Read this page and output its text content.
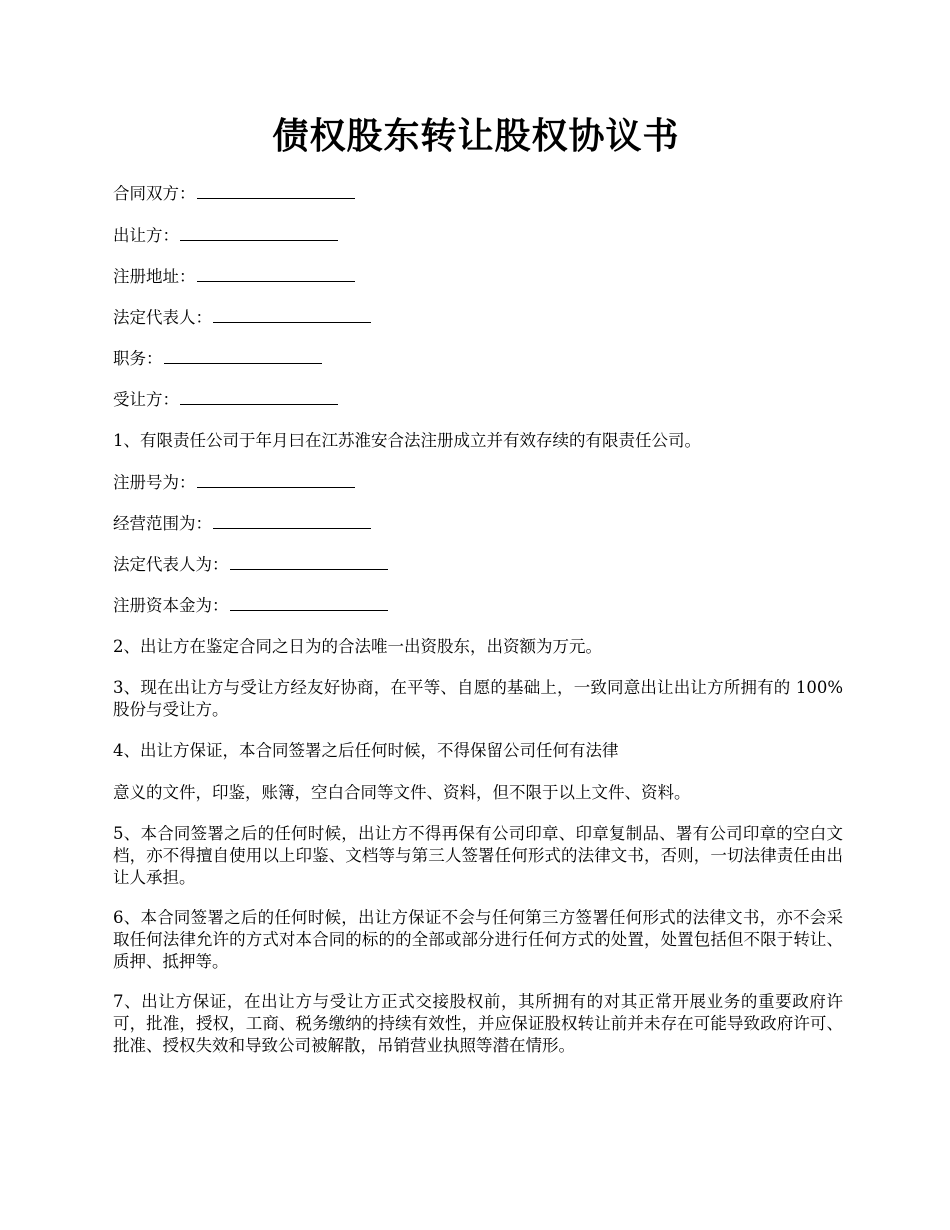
债权股东转让股权协议书
合同双方：
出让方：
注册地址：
法定代表人：
职务：
受让方：
1、有限责任公司于年月曰在江苏淮安合法注册成立并有效存续的有限责任公司。
注册号为：
经营范围为：
法定代表人为：
注册资本金为：
2、出让方在鉴定合同之日为的合法唯一出资股东，出资额为万元。
3、现在出让方与受让方经友好协商，在平等、自愿的基础上，一致同意出让出让方所拥有的 100%股份与受让方。
4、出让方保证，本合同签署之后任何时候，不得保留公司任何有法律
意义的文件，印鉴，账簿，空白合同等文件、资料，但不限于以上文件、资料。
5、本合同签署之后的任何时候，出让方不得再保有公司印章、印章复制品、署有公司印章的空白文档，亦不得擅自使用以上印鉴、文档等与第三人签署任何形式的法律文书，否则，一切法律责任由出让人承担。
6、本合同签署之后的任何时候，出让方保证不会与任何第三方签署任何形式的法律文书，亦不会采取任何法律允许的方式对本合同的标的的全部或部分进行任何方式的处置，处置包括但不限于转让、质押、抵押等。
7、出让方保证，在出让方与受让方正式交接股权前，其所拥有的对其正常开展业务的重要政府许可，批准，授权，工商、税务缴纳的持续有效性，并应保证股权转让前并未存在可能导致政府许可、批准、授权失效和导致公司被解散，吊销营业执照等潜在情形。
